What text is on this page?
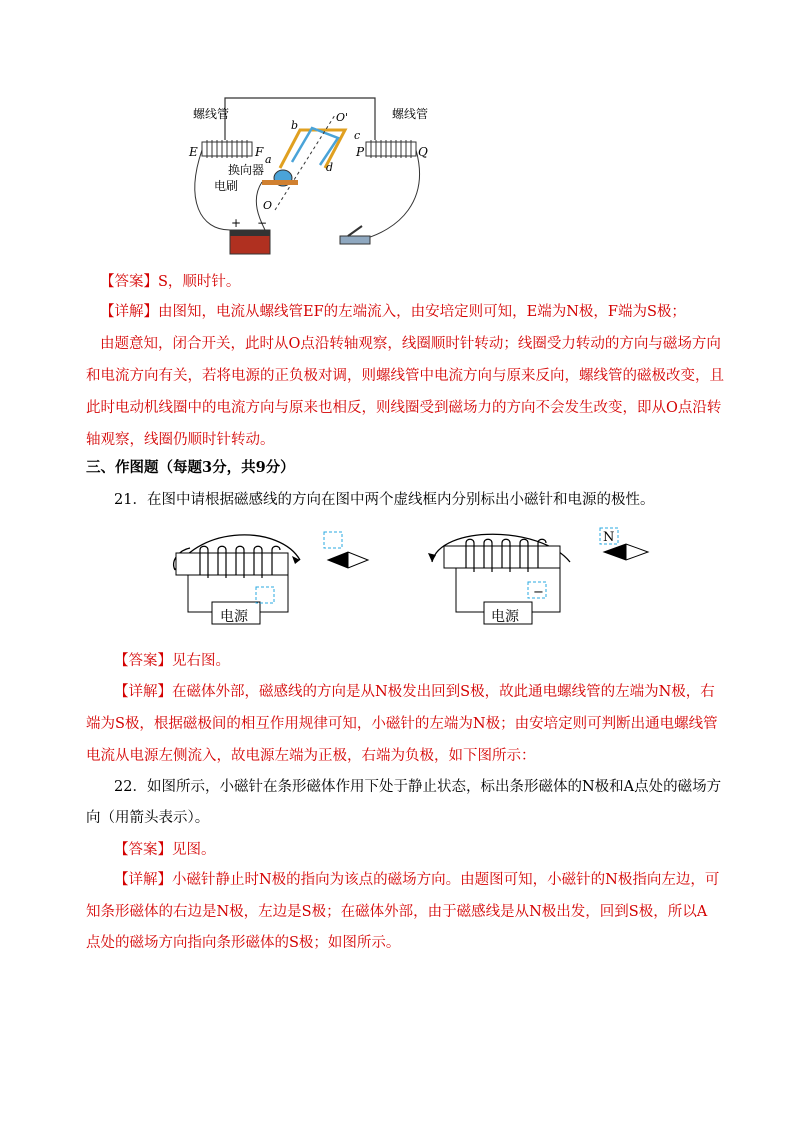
螺线管	螺线管
E	F	P	Q
a
b
c
d
O'
O
换向器
电刷
+ −
【答案】S，顺时针。
【详解】由图知，电流从螺线管EF的左端流入，由安培定则可知，E端为N极，F端为S极；
由题意知，闭合开关，此时从O点沿转轴观察，线圈顺时针转动；线圈受力转动的方向与磁场方向
和电流方向有关，若将电源的正负极对调，则螺线管中电流方向与原来反向，螺线管的磁极改变，且
此时电动机线圈中的电流方向与原来也相反，则线圈受到磁场力的方向不会发生改变，即从O点沿转
轴观察，线圈仍顺时针转动。
三、作图题（每题3分，共9分）
21．在图中请根据磁感线的方向在图中两个虚线框内分别标出小磁针和电源的极性。
电源	电源
N
−
【答案】见右图。
【详解】在磁体外部，磁感线的方向是从N极发出回到S极，故此通电螺线管的左端为N极，右
端为S极，根据磁极间的相互作用规律可知，小磁针的左端为N极；由安培定则可判断出通电螺线管
电流从电源左侧流入，故电源左端为正极，右端为负极，如下图所示：
22．如图所示，小磁针在条形磁体作用下处于静止状态，标出条形磁体的N极和A点处的磁场方
向（用箭头表示）。
【答案】见图。
【详解】小磁针静止时N极的指向为该点的磁场方向。由题图可知，小磁针的N极指向左边，可
知条形磁体的右边是N极，左边是S极；在磁体外部，由于磁感线是从N极出发，回到S极，所以A
点处的磁场方向指向条形磁体的S极；如图所示。
